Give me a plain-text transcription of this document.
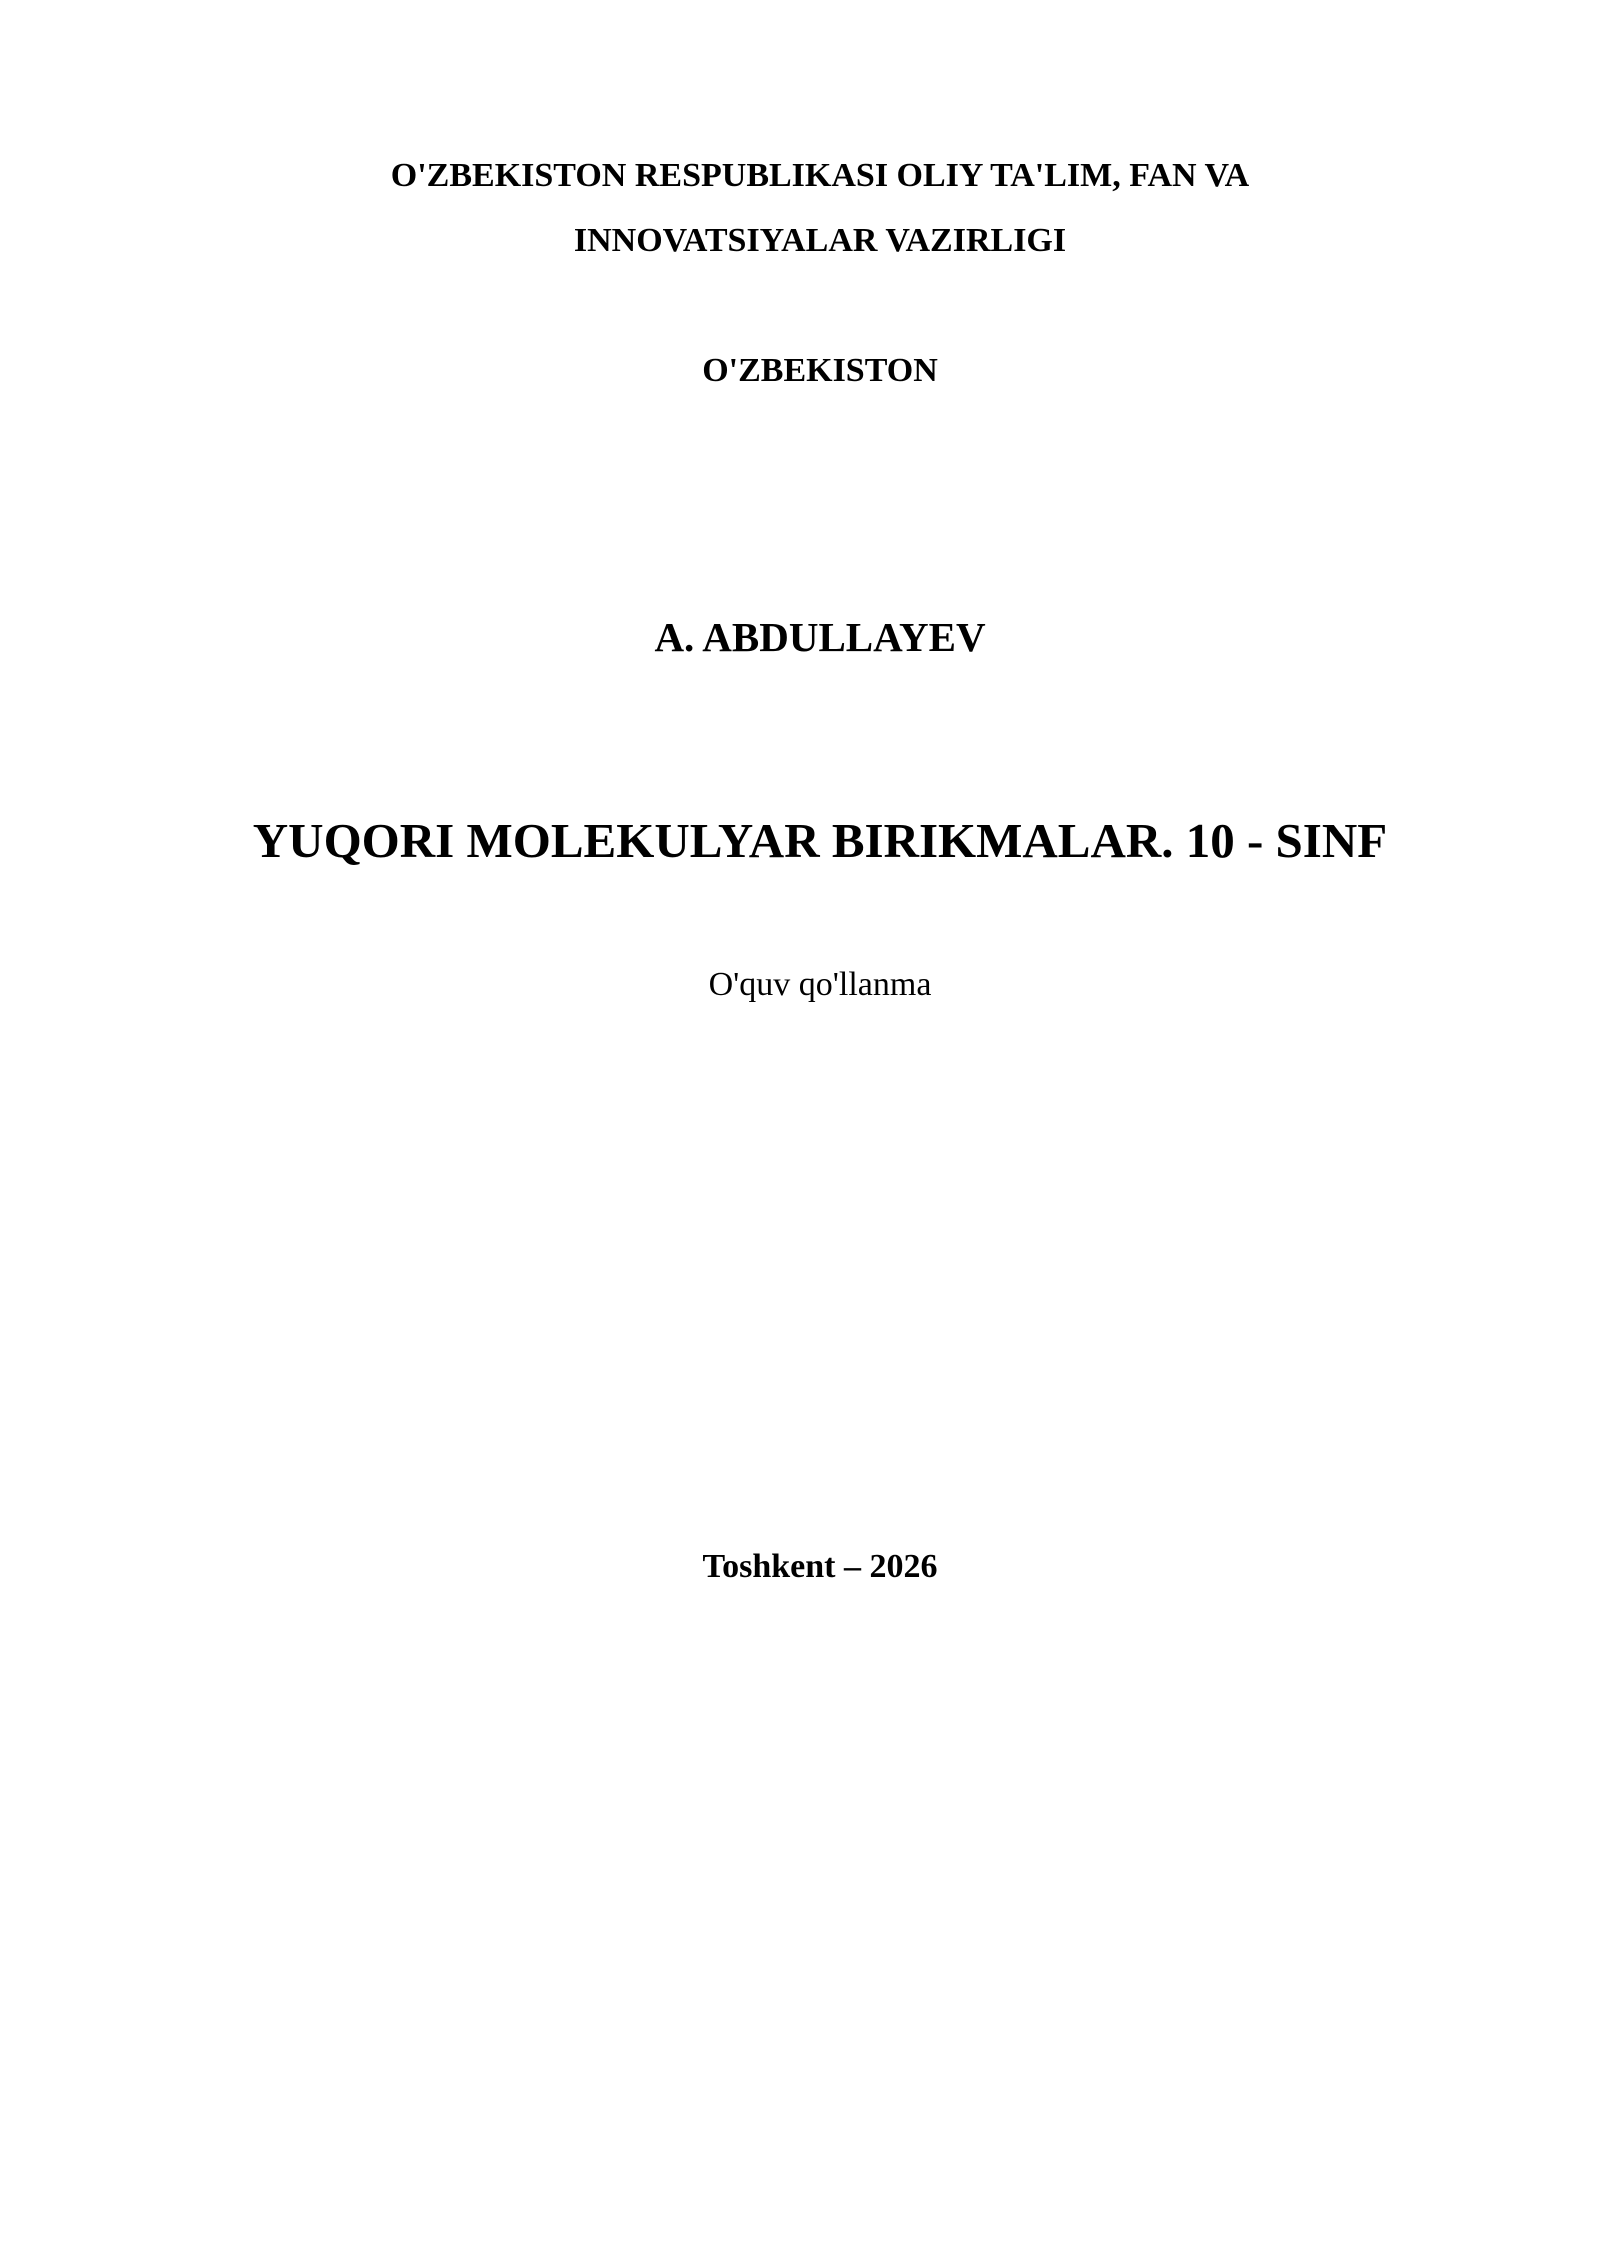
O'ZBEKISTON RESPUBLIKASI OLIY TA'LIM, FAN VA
INNOVATSIYALAR VAZIRLIGI
O'ZBEKISTON
A. ABDULLAYEV
YUQORI MOLEKULYAR BIRIKMALAR. 10 - SINF
O'quv qo'llanma
Toshkent – 2026
